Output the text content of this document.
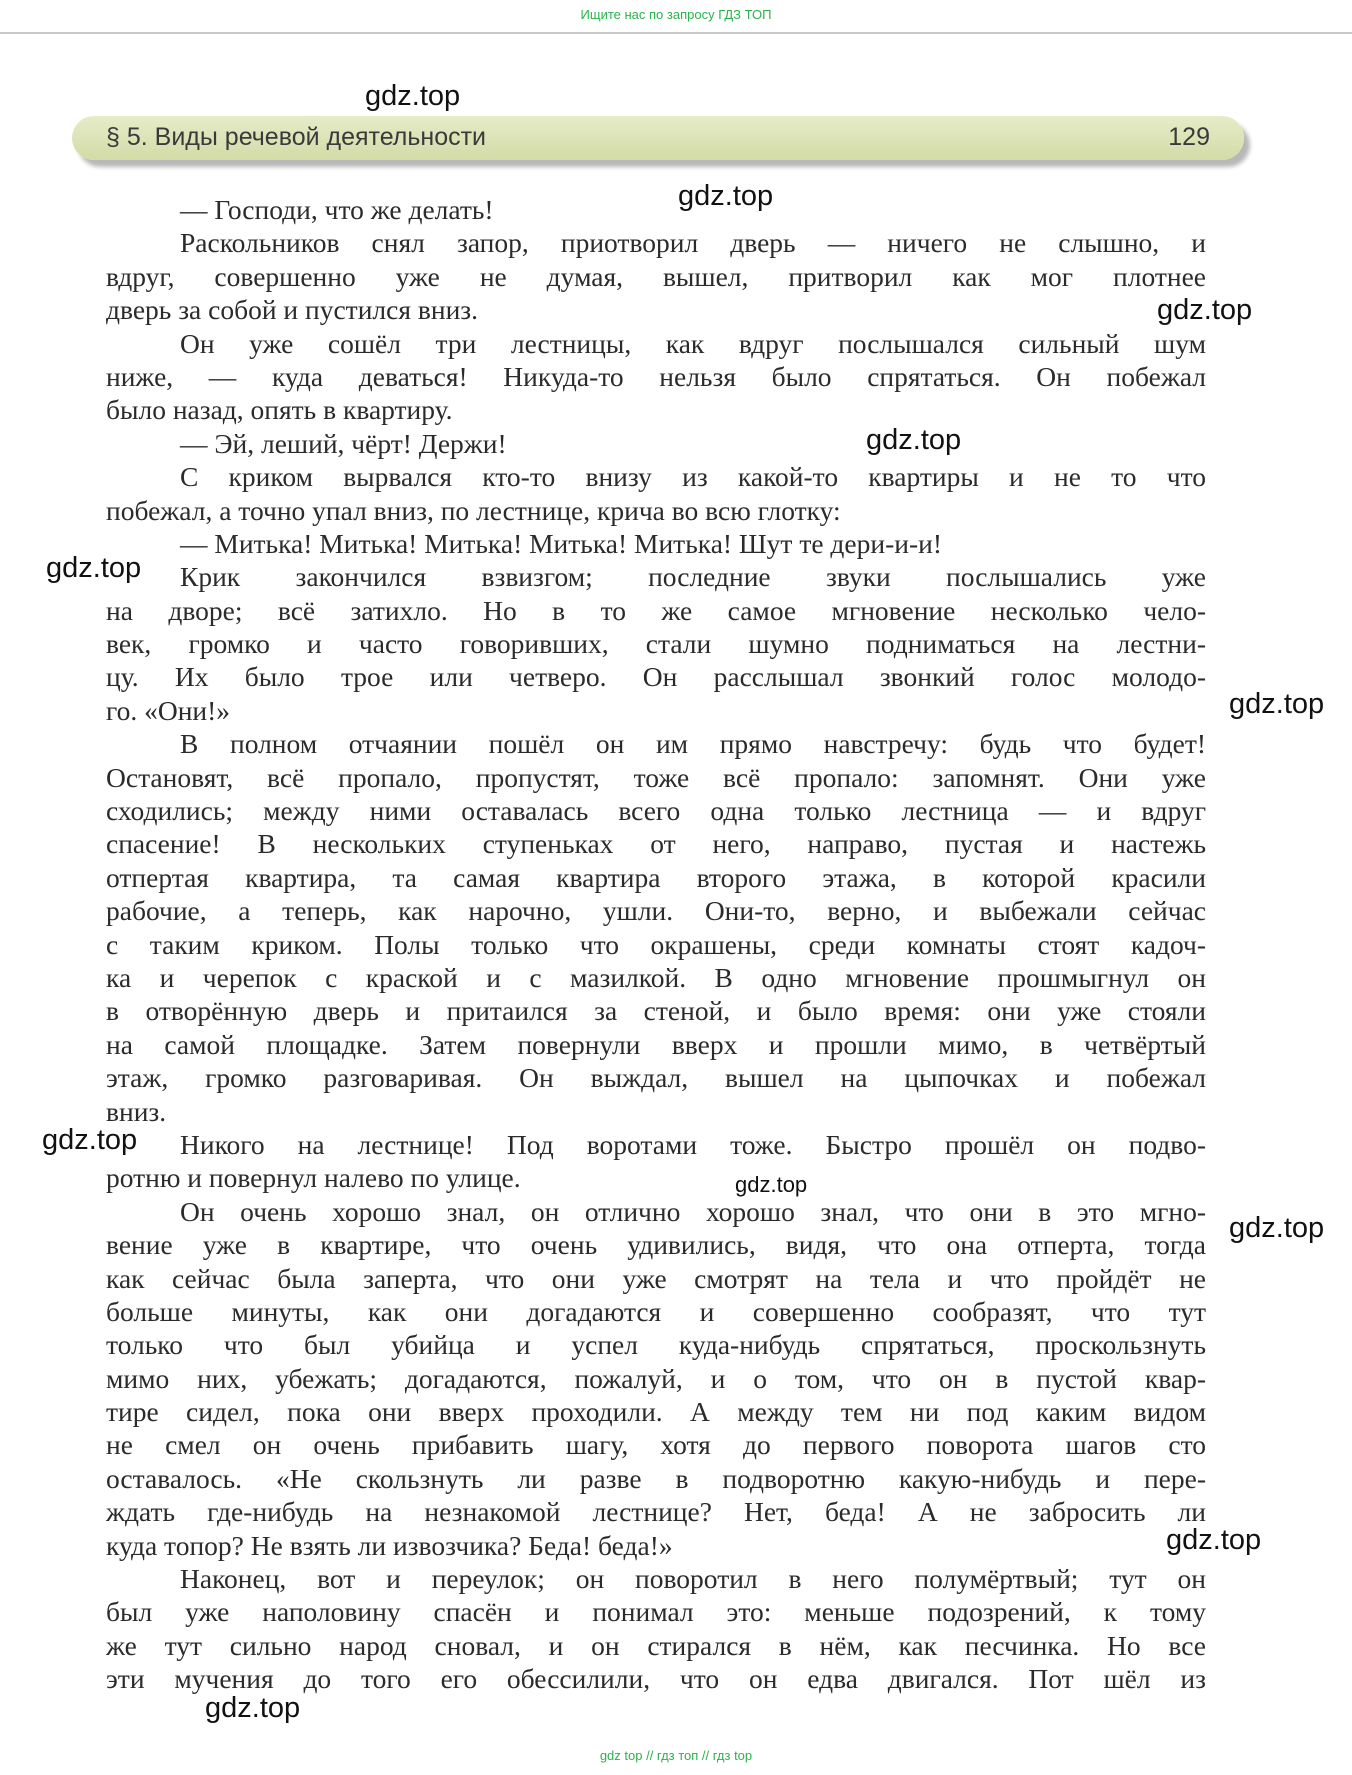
Ищите нас по запросу ГДЗ ТОП
§ 5. Виды речевой деятельности	129
— Господи, что же делать!
Раскольников снял запор, приотворил дверь — ничего не слышно, и
вдруг, совершенно уже не думая, вышел, притворил как мог плотнее
дверь за собой и пустился вниз.
Он уже сошёл три лестницы, как вдруг послышался сильный шум
ниже, — куда деваться! Никуда-то нельзя было спрятаться. Он побежал
было назад, опять в квартиру.
— Эй, леший, чёрт! Держи!
С криком вырвался кто-то внизу из какой-то квартиры и не то что
побежал, а точно упал вниз, по лестнице, крича во всю глотку:
— Митька! Митька! Митька! Митька! Митька! Шут те дери-и-и!
Крик закончился взвизгом; последние звуки послышались уже
на дворе; всё затихло. Но в то же самое мгновение несколько чело-
век, громко и часто говоривших, стали шумно подниматься на лестни-
цу. Их было трое или четверо. Он расслышал звонкий голос молодо-
го. «Они!»
В полном отчаянии пошёл он им прямо навстречу: будь что будет!
Остановят, всё пропало, пропустят, тоже всё пропало: запомнят. Они уже
сходились; между ними оставалась всего одна только лестница — и вдруг
спасение! В нескольких ступеньках от него, направо, пустая и настежь
отпертая квартира, та самая квартира второго этажа, в которой красили
рабочие, а теперь, как нарочно, ушли. Они-то, верно, и выбежали сейчас
с таким криком. Полы только что окрашены, среди комнаты стоят кадоч-
ка и черепок с краской и с мазилкой. В одно мгновение прошмыгнул он
в отворённую дверь и притаился за стеной, и было время: они уже стояли
на самой площадке. Затем повернули вверх и прошли мимо, в четвёртый
этаж, громко разговаривая. Он выждал, вышел на цыпочках и побежал
вниз.
Никого на лестнице! Под воротами тоже. Быстро прошёл он подво-
ротню и повернул налево по улице.
Он очень хорошо знал, он отлично хорошо знал, что они в это мгно-
вение уже в квартире, что очень удивились, видя, что она отперта, тогда
как сейчас была заперта, что они уже смотрят на тела и что пройдёт не
больше минуты, как они догадаются и совершенно сообразят, что тут
только что был убийца и успел куда-нибудь спрятаться, проскользнуть
мимо них, убежать; догадаются, пожалуй, и о том, что он в пустой квар-
тире сидел, пока они вверх проходили. А между тем ни под каким видом
не смел он очень прибавить шагу, хотя до первого поворота шагов сто
оставалось. «Не скользнуть ли разве в подворотню какую-нибудь и пере-
ждать где-нибудь на незнакомой лестнице? Нет, беда! А не забросить ли
куда топор? Не взять ли извозчика? Беда! беда!»
Наконец, вот и переулок; он поворотил в него полумёртвый; тут он
был уже наполовину спасён и понимал это: меньше подозрений, к тому
же тут сильно народ сновал, и он стирался в нём, как песчинка. Но все
эти мучения до того его обессилили, что он едва двигался. Пот шёл из
gdz.top
gdz.top
gdz.top
gdz.top
gdz.top
gdz.top
gdz.top
gdz.top
gdz.top
gdz.top
gdz.top
gdz top // гдз топ // гдз top
